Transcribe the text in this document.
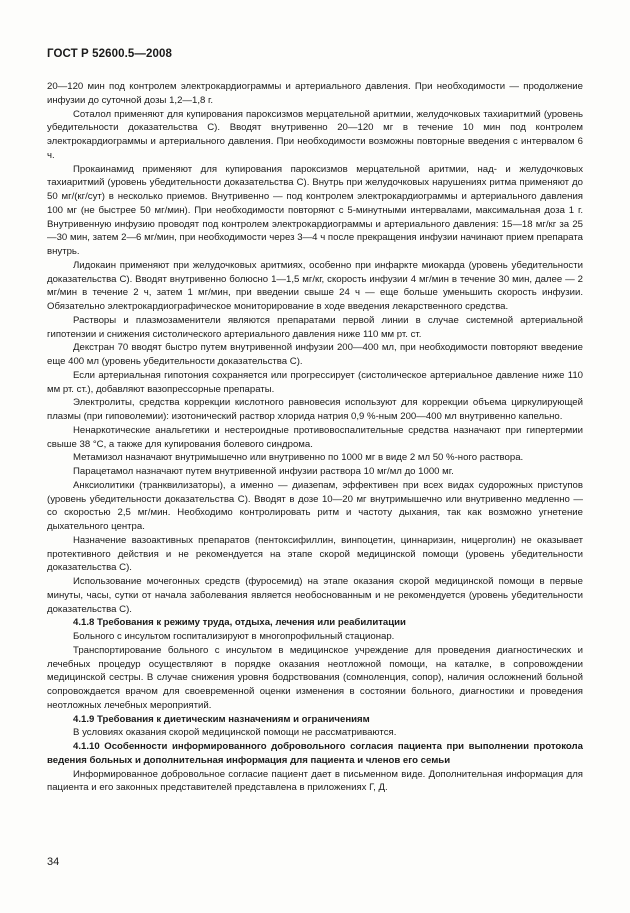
ГОСТ Р 52600.5—2008

20—120 мин под контролем электрокардиограммы и артериального давления. При необходимости — продолжение инфузии до суточной дозы 1,2—1,8 г.

Соталол применяют для купирования пароксизмов мерцательной аритмии, желудочковых тахиаритмий (уровень убедительности доказательства С). Вводят внутривенно 20—120 мг в течение 10 мин под контролем электрокардиограммы и артериального давления. При необходимости возможны повторные введения с интервалом 6 ч.

Прокаинамид применяют для купирования пароксизмов мерцательной аритмии, над- и желудочковых тахиаритмий (уровень убедительности доказательства С). Внутрь при желудочковых нарушениях ритма применяют до 50 мг/(кг/сут) в несколько приемов. Внутривенно — под контролем электрокардиограммы и артериального давления 100 мг (не быстрее 50 мг/мин). При необходимости повторяют с 5-минутными интервалами, максимальная доза 1 г. Внутривенную инфузию проводят под контролем электрокардиограммы и артериального давления: 15—18 мг/кг за 25—30 мин, затем 2—6 мг/мин, при необходимости через 3—4 ч после прекращения инфузии начинают прием препарата внутрь.

Лидокаин применяют при желудочковых аритмиях, особенно при инфаркте миокарда (уровень убедительности доказательства С). Вводят внутривенно болюсно 1—1,5 мг/кг, скорость инфузии 4 мг/мин в течение 30 мин, далее — 2 мг/мин в течение 2 ч, затем 1 мг/мин, при введении свыше 24 ч — еще больше уменьшить скорость инфузии. Обязательно электрокардиографическое мониторирование в ходе введения лекарственного средства.

Растворы и плазмозаменители являются препаратами первой линии в случае системной артериальной гипотензии и снижения систолического артериального давления ниже 110 мм рт. ст.

Декстран 70 вводят быстро путем внутривенной инфузии 200—400 мл, при необходимости повторяют введение еще 400 мл (уровень убедительности доказательства С).

Если артериальная гипотония сохраняется или прогрессирует (систолическое артериальное давление ниже 110 мм рт. ст.), добавляют вазопрессорные препараты.

Электролиты, средства коррекции кислотного равновесия используют для коррекции объема циркулирующей плазмы (при гиповолемии): изотонический раствор хлорида натрия 0,9 %-ным 200—400 мл внутривенно капельно.

Ненаркотические анальгетики и нестероидные противовоспалительные средства назначают при гипертермии свыше 38 °С, а также для купирования болевого синдрома.

Метамизол назначают внутримышечно или внутривенно по 1000 мг в виде 2 мл 50 %-ного раствора.

Парацетамол назначают путем внутривенной инфузии раствора 10 мг/мл до 1000 мг.

Анксиолитики (транквилизаторы), а именно — диазепам, эффективен при всех видах судорожных приступов (уровень убедительности доказательства С). Вводят в дозе 10—20 мг внутримышечно или внутривенно медленно — со скоростью 2,5 мг/мин. Необходимо контролировать ритм и частоту дыхания, так как возможно угнетение дыхательного центра.

Назначение вазоактивных препаратов (пентоксифиллин, винпоцетин, циннаризин, ницерголин) не оказывает протективного действия и не рекомендуется на этапе скорой медицинской помощи (уровень убедительности доказательства С).

Использование мочегонных средств (фуросемид) на этапе оказания скорой медицинской помощи в первые минуты, часы, сутки от начала заболевания является необоснованным и не рекомендуется (уровень убедительности доказательства С).

4.1.8 Требования к режиму труда, отдыха, лечения или реабилитации

Больного с инсультом госпитализируют в многопрофильный стационар.

Транспортирование больного с инсультом в медицинское учреждение для проведения диагностических и лечебных процедур осуществляют в порядке оказания неотложной помощи, на каталке, в сопровождении медицинской сестры. В случае снижения уровня бодрствования (сомноленция, сопор), наличия осложнений больной сопровождается врачом для своевременной оценки изменения в состоянии больного, диагностики и проведения неотложных лечебных мероприятий.

4.1.9 Требования к диетическим назначениям и ограничениям

В условиях оказания скорой медицинской помощи не рассматриваются.

4.1.10 Особенности информированного добровольного согласия пациента при выполнении протокола ведения больных и дополнительная информация для пациента и членов его семьи

Информированное добровольное согласие пациент дает в письменном виде. Дополнительная информация для пациента и его законных представителей представлена в приложениях Г, Д.

34
